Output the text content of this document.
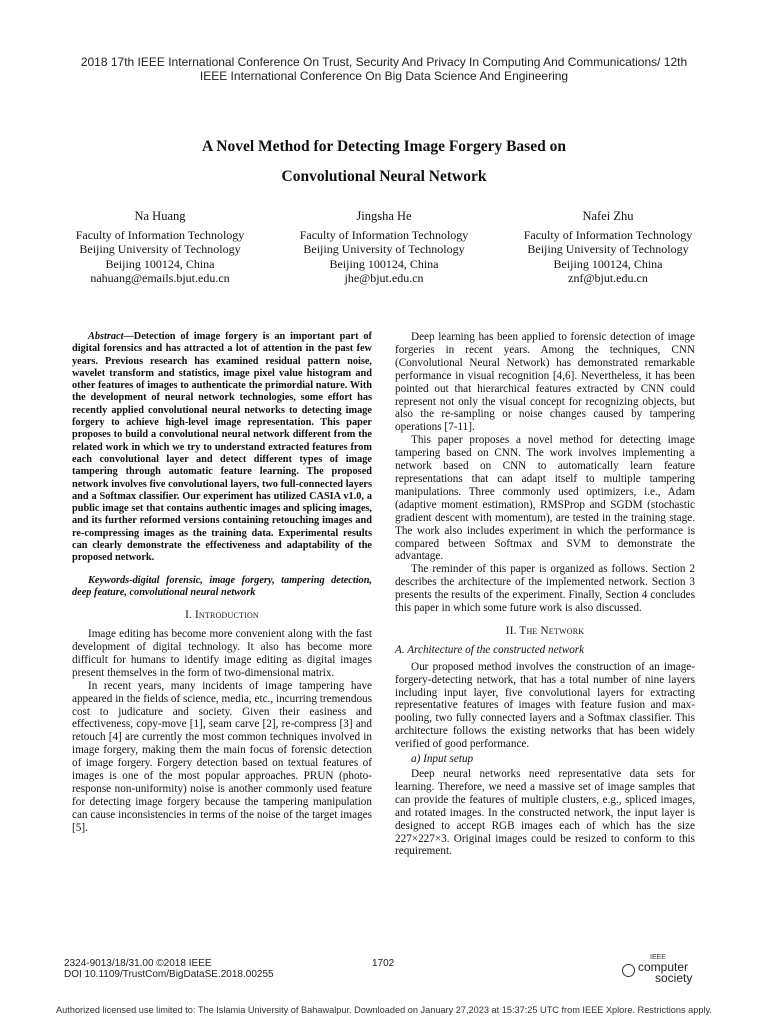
2018 17th IEEE International Conference On Trust, Security And Privacy In Computing And Communications/ 12th
IEEE International Conference On Big Data Science And Engineering
A Novel Method for Detecting Image Forgery Based on
Convolutional Neural Network
Na Huang
Faculty of Information Technology
Beijing University of Technology
Beijing 100124, China
nahuang@emails.bjut.edu.cn
Jingsha He
Faculty of Information Technology
Beijing University of Technology
Beijing 100124, China
jhe@bjut.edu.cn
Nafei Zhu
Faculty of Information Technology
Beijing University of Technology
Beijing 100124, China
znf@bjut.edu.cn

Abstract—Detection of image forgery is an important part of digital forensics and has attracted a lot of attention in the past few years. Previous research has examined residual pattern noise, wavelet transform and statistics, image pixel value histogram and other features of images to authenticate the primordial nature. With the development of neural network technologies, some effort has recently applied convolutional neural networks to detecting image forgery to achieve high-level image representation. This paper proposes to build a convolutional neural network different from the related work in which we try to understand extracted features from each convolutional layer and detect different types of image tampering through automatic feature learning. The proposed network involves five convolutional layers, two full-connected layers and a Softmax classifier. Our experiment has utilized CASIA v1.0, a public image set that contains authentic images and splicing images, and its further reformed versions containing retouching images and re-compressing images as the training data. Experimental results can clearly demonstrate the effectiveness and adaptability of the proposed network.

Keywords-digital forensic, image forgery, tampering detection, deep feature, convolutional neural network

I. Introduction

Image editing has become more convenient along with the fast development of digital technology. It also has become more difficult for humans to identify image editing as digital images present themselves in the form of two-dimensional matrix.

In recent years, many incidents of image tampering have appeared in the fields of science, media, etc., incurring tremendous cost to judicature and society. Given their easiness and effectiveness, copy-move [1], seam carve [2], re-compress [3] and retouch [4] are currently the most common techniques involved in image forgery, making them the main focus of forensic detection of image forgery. Forgery detection based on textual features of images is one of the most popular approaches. PRUN (photo-response non-uniformity) noise is another commonly used feature for detecting image forgery because the tampering manipulation can cause inconsistencies in terms of the noise of the target images [5].

Deep learning has been applied to forensic detection of image forgeries in recent years. Among the techniques, CNN (Convolutional Neural Network) has demonstrated remarkable performance in visual recognition [4,6]. Nevertheless, it has been pointed out that hierarchical features extracted by CNN could represent not only the visual concept for recognizing objects, but also the re-sampling or noise changes caused by tampering operations [7-11].

This paper proposes a novel method for detecting image tampering based on CNN. The work involves implementing a network based on CNN to automatically learn feature representations that can adapt itself to multiple tampering manipulations. Three commonly used optimizers, i.e., Adam (adaptive moment estimation), RMSProp and SGDM (stochastic gradient descent with momentum), are tested in the training stage. The work also includes experiment in which the performance is compared between Softmax and SVM to demonstrate the advantage.

The reminder of this paper is organized as follows. Section 2 describes the architecture of the implemented network. Section 3 presents the results of the experiment. Finally, Section 4 concludes this paper in which some future work is also discussed.

II. The Network

A. Architecture of the constructed network

Our proposed method involves the construction of an image-forgery-detecting network, that has a total number of nine layers including input layer, five convolutional layers for extracting representative features of images with feature fusion and max-pooling, two fully connected layers and a Softmax classifier. This architecture follows the existing networks that has been widely verified of good performance.

a) Input setup

Deep neural networks need representative data sets for learning. Therefore, we need a massive set of image samples that can provide the features of multiple clusters, e.g., spliced images, and rotated images. In the constructed network, the input layer is designed to accept RGB images each of which has the size 227×227×3. Original images could be resized to conform to this requirement.

2324-9013/18/31.00 ©2018 IEEE
DOI 10.1109/TrustCom/BigDataSE.2018.00255
1702
IEEE
computer
society
Authorized licensed use limited to: The Islamia University of Bahawalpur. Downloaded on January 27,2023 at 15:37:25 UTC from IEEE Xplore. Restrictions apply.
